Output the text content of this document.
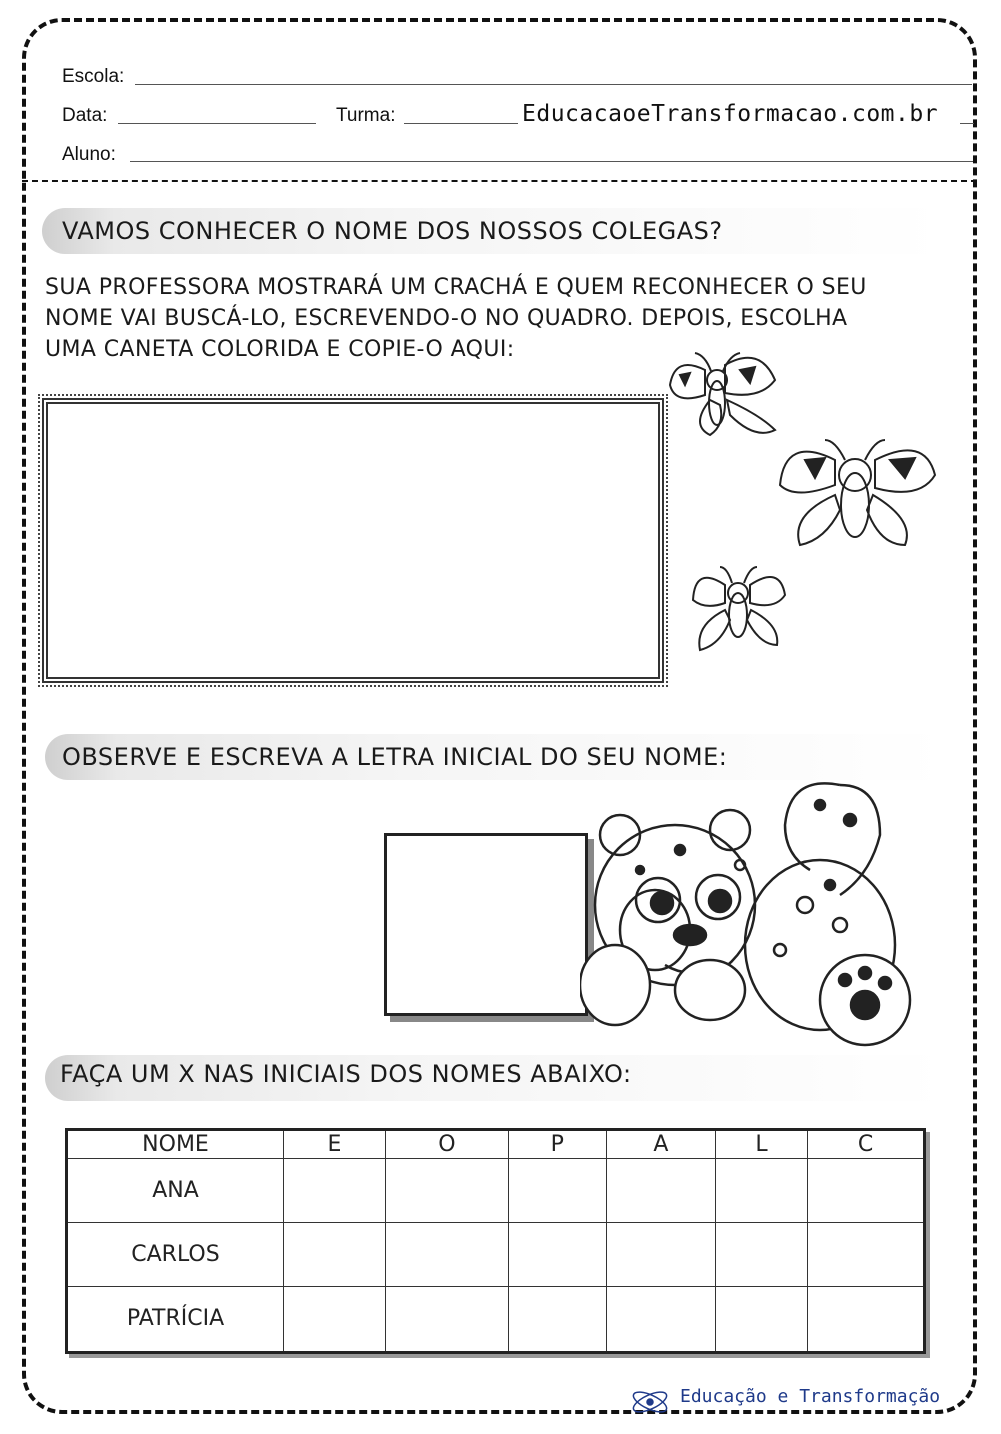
Escola:
Data:	Turma:	EducacaoeTransformacao.com.br
Aluno:
VAMOS CONHECER O NOME DOS NOSSOS COLEGAS?
SUA PROFESSORA MOSTRARÁ UM CRACHÁ E QUEM RECONHECER O SEU
NOME VAI BUSCÁ-LO, ESCREVENDO-O NO QUADRO. DEPOIS, ESCOLHA
UMA CANETA COLORIDA E COPIE-O AQUI:
OBSERVE E ESCREVA A LETRA INICIAL DO SEU NOME:
FAÇA UM X NAS INICIAIS DOS NOMES ABAIXO:
NOME	E	O	P	A	L	C
ANA						
CARLOS						
PATRÍCIA						
Educação e Transformação
